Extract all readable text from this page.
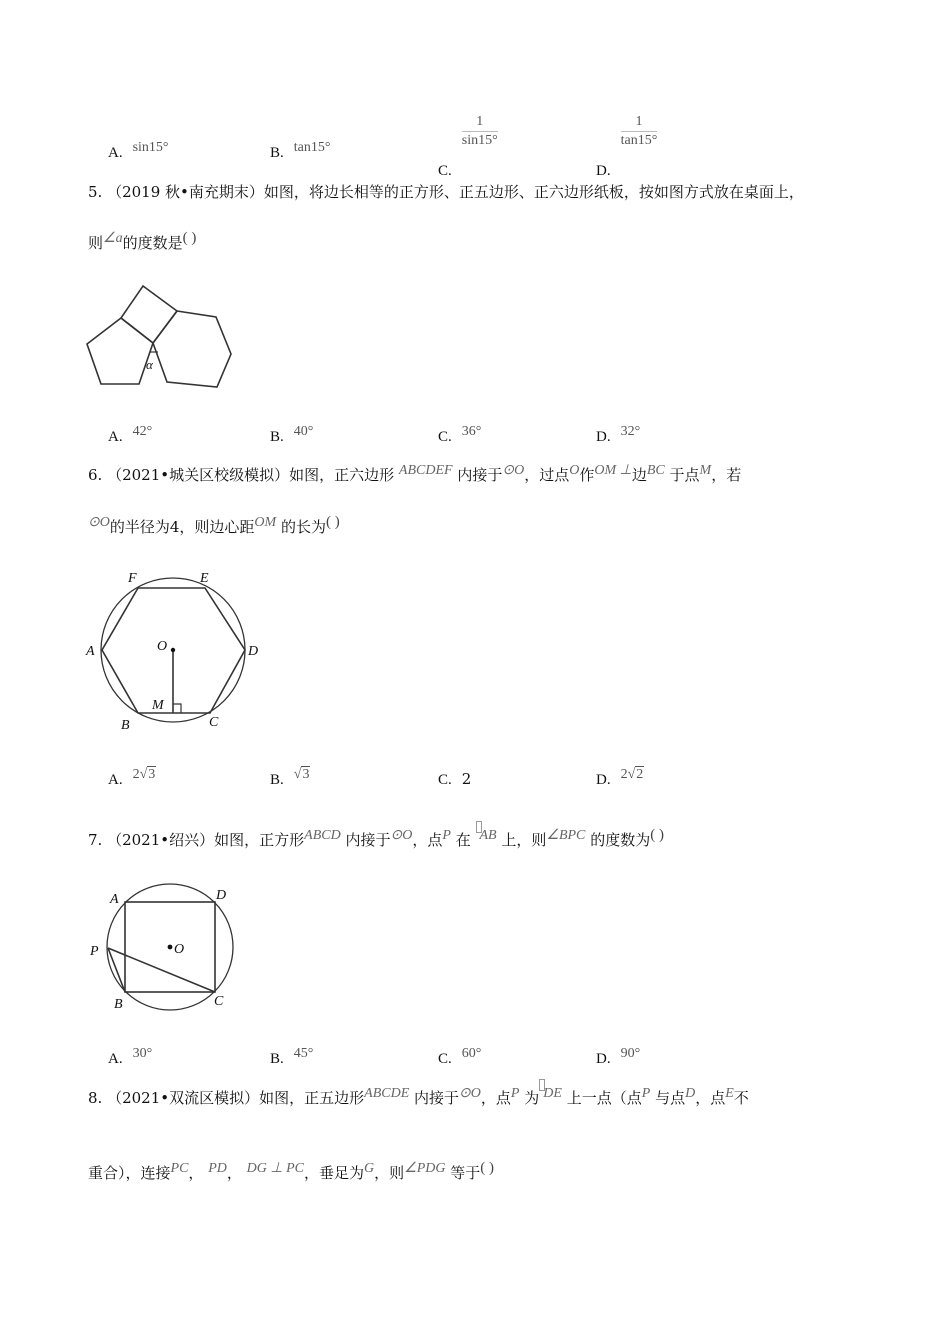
A. sin15°	B. tan15°
C.
$\frac{1}{\sin 15^\circ}$
D.
$\frac{1}{\tan 15^\circ}$
5. （2019 秋•南充期末）如图，将边长相等的正方形、正五边形、正六边形纸板，按如图方式放在桌面上，
则∠a的度数是( )
α
A. 42°	B. 40°	C. 36°	D. 32°
6. （2021•城关区校级模拟）如图，正六边形 ABCDEF 内接于⊙O，过点O作OM ⊥边BC 于点M，若
⊙O的半径为4，则边心距OM 的长为( )
F	E
A	D
O
M
B	C
A. 2√3	B. √3	C. 2	D. 2√2
7. （2021•绍兴）如图，正方形ABCD 内接于⊙O，点P 在 AB 上，则∠BPC 的度数为( )
A	D
P	O
B	C
A. 30°	B. 45°	C. 60°	D. 90°
8. （2021•双流区模拟）如图，正五边形ABCDE 内接于⊙O，点P 为 DE 上一点（点P 与点D，点E不
重合），连接PC， PD， DG ⊥ PC，垂足为G，则∠PDG 等于( )
